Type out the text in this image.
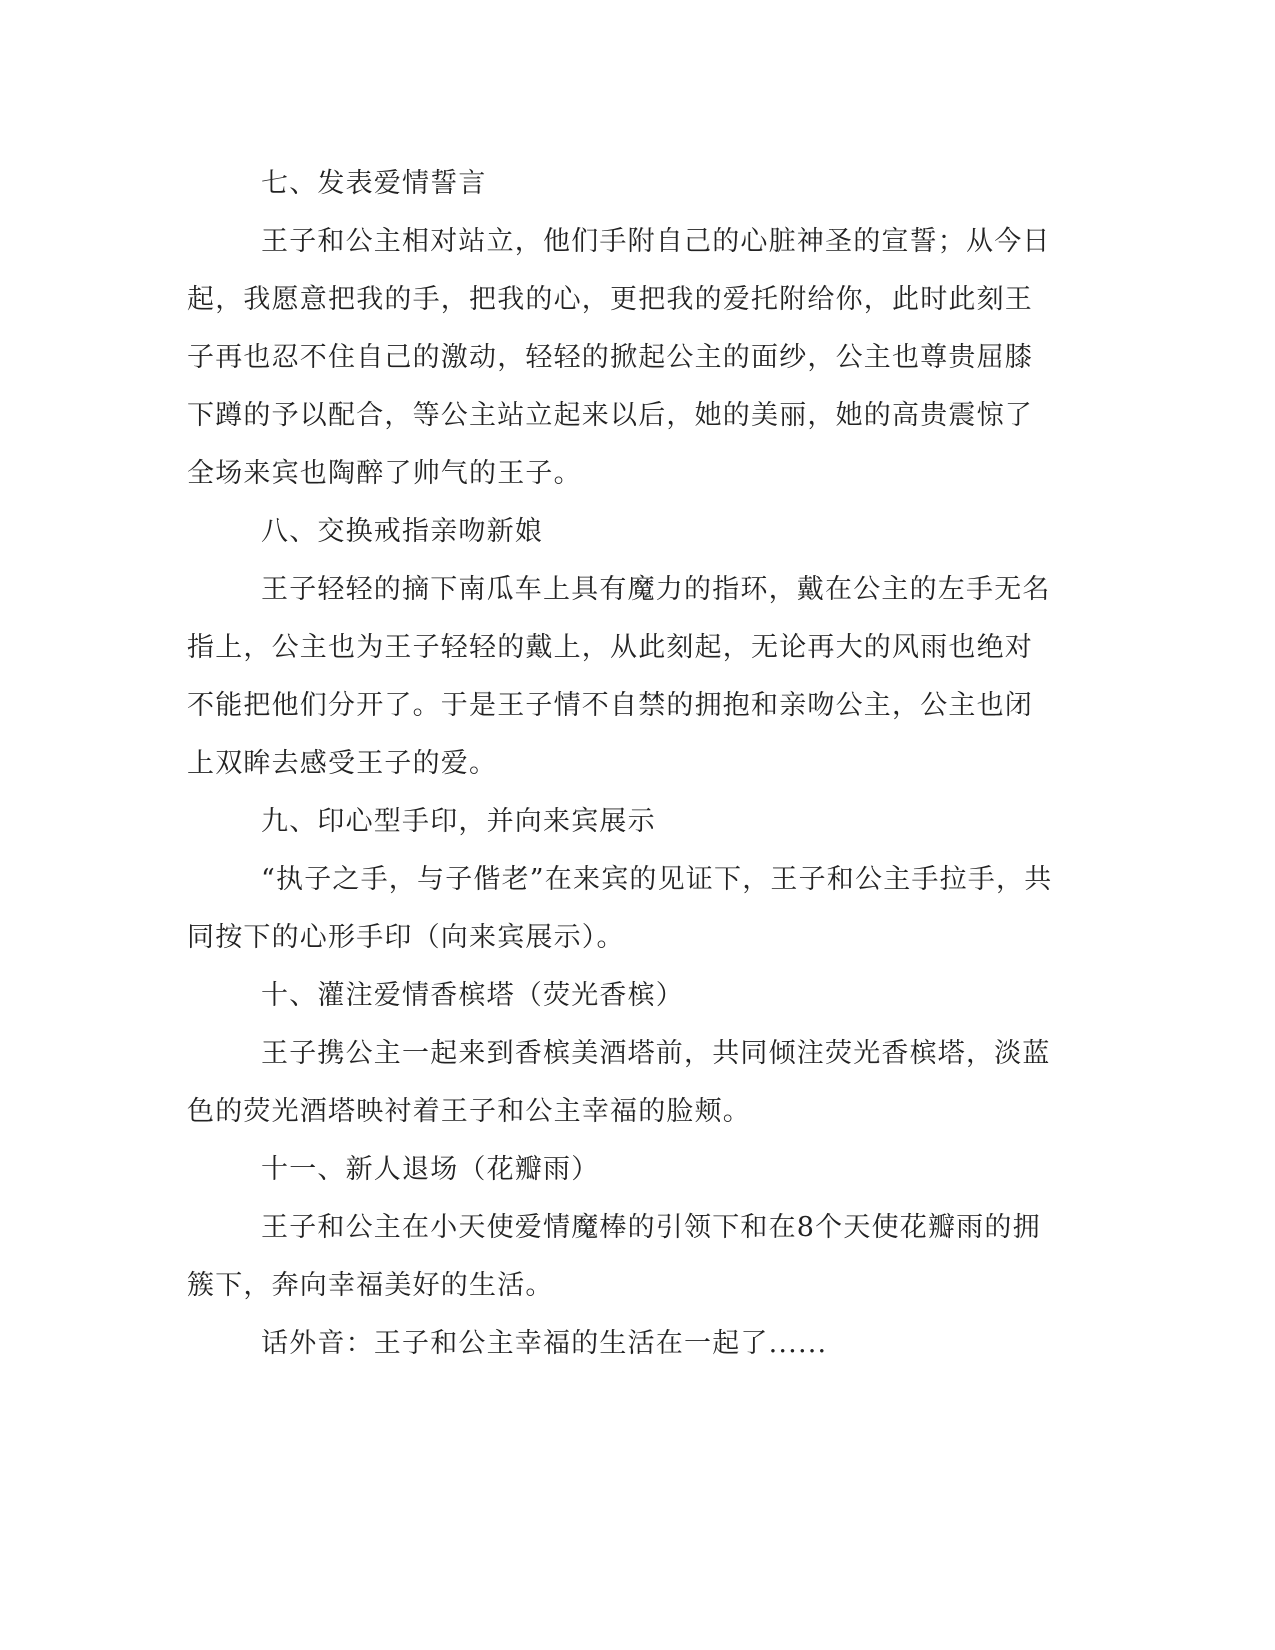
七、发表爱情誓言
王子和公主相对站立，他们手附自己的心脏神圣的宣誓；从今日
起，我愿意把我的手，把我的心，更把我的爱托附给你，此时此刻王
子再也忍不住自己的激动，轻轻的掀起公主的面纱，公主也尊贵屈膝
下蹲的予以配合，等公主站立起来以后，她的美丽，她的高贵震惊了
全场来宾也陶醉了帅气的王子。
八、交换戒指亲吻新娘
王子轻轻的摘下南瓜车上具有魔力的指环，戴在公主的左手无名
指上，公主也为王子轻轻的戴上，从此刻起，无论再大的风雨也绝对
不能把他们分开了。于是王子情不自禁的拥抱和亲吻公主，公主也闭
上双眸去感受王子的爱。
九、印心型手印，并向来宾展示
“执子之手，与子偕老”在来宾的见证下，王子和公主手拉手，共
同按下的心形手印（向来宾展示）。
十、灌注爱情香槟塔（荧光香槟）
王子携公主一起来到香槟美酒塔前，共同倾注荧光香槟塔，淡蓝
色的荧光酒塔映衬着王子和公主幸福的脸颊。
十一、新人退场（花瓣雨）
王子和公主在小天使爱情魔棒的引领下和在8个天使花瓣雨的拥
簇下，奔向幸福美好的生活。
话外音：王子和公主幸福的生活在一起了......
